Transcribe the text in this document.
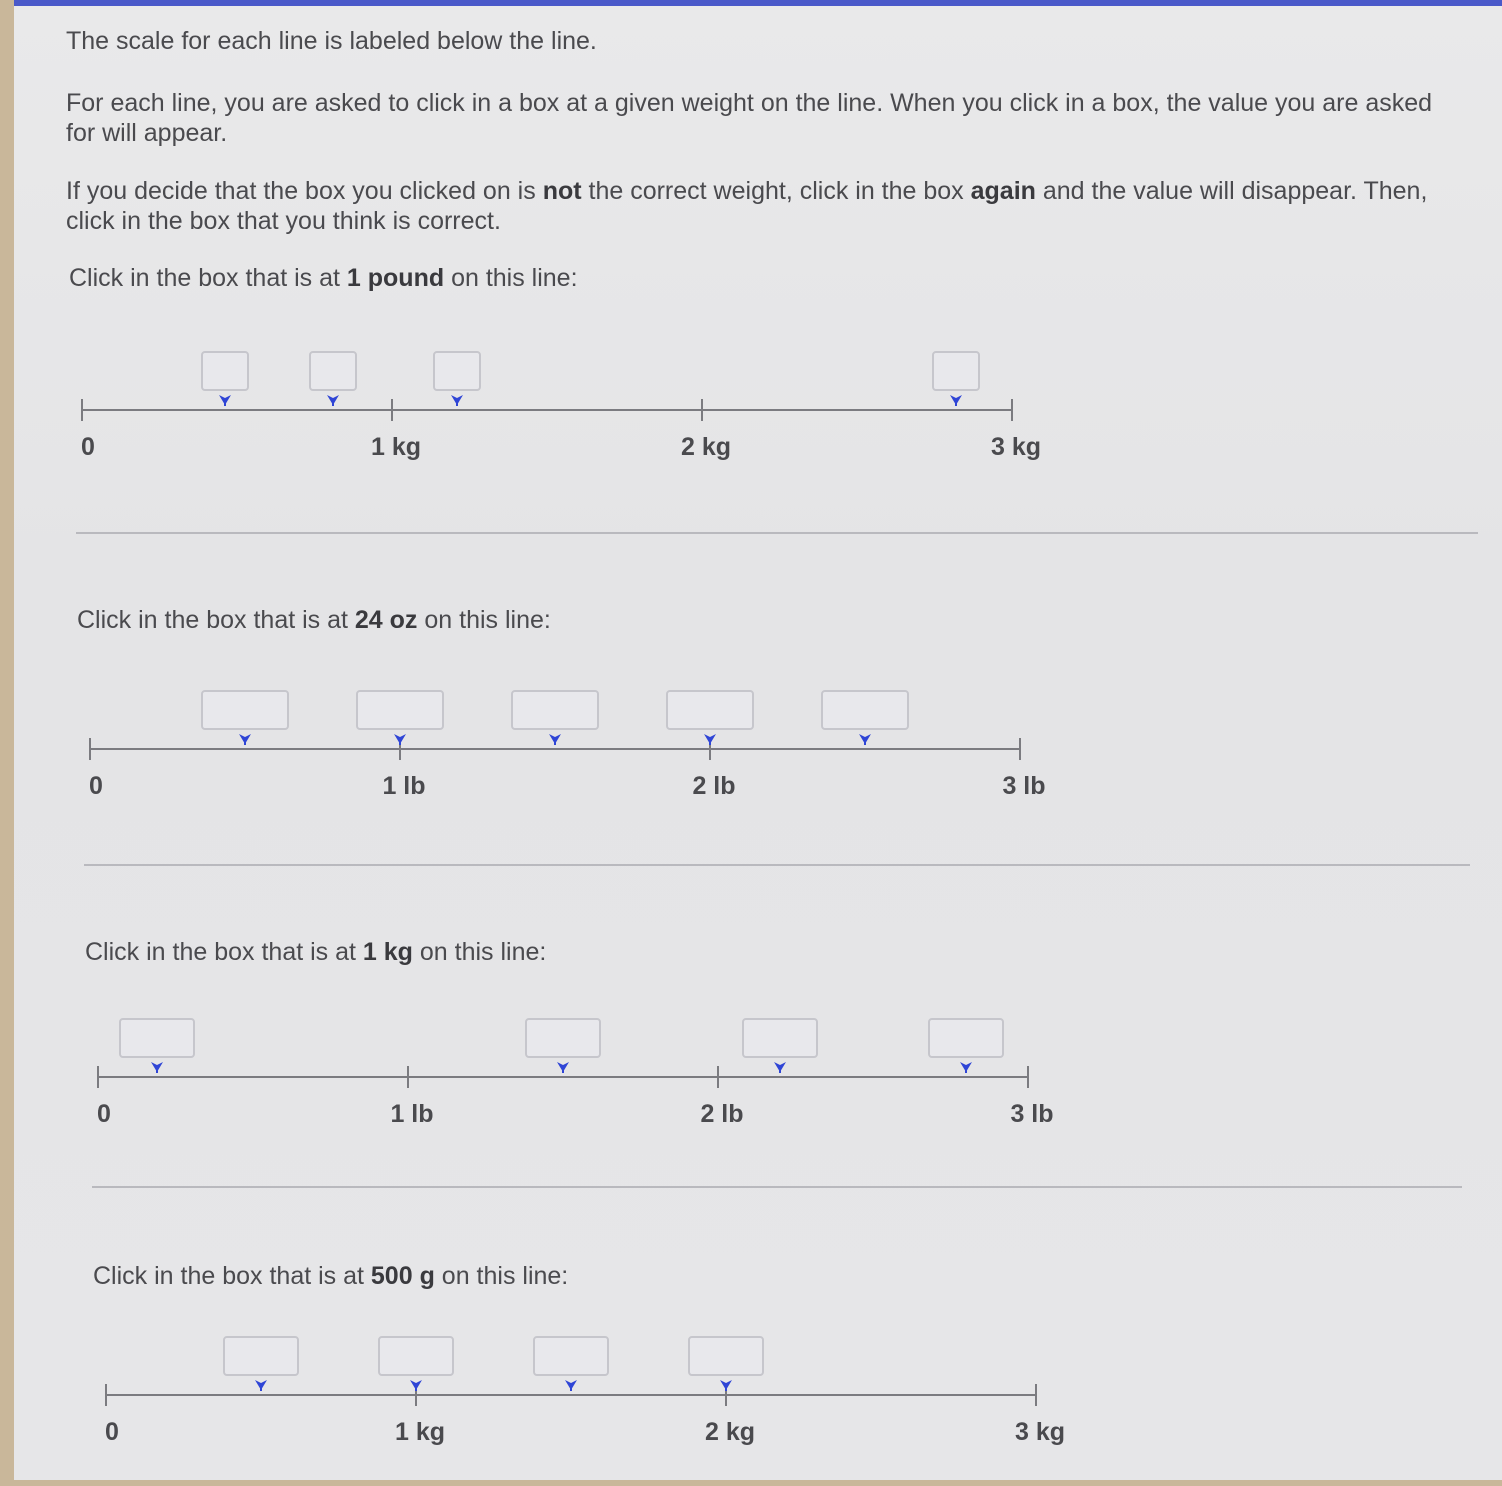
The scale for each line is labeled below the line.
For each line, you are asked to click in a box at a given weight on the line. When you click in a box, the value you are asked for will appear.
If you decide that the box you clicked on is not the correct weight, click in the box again and the value will disappear. Then, click in the box that you think is correct.
Click in the box that is at 1 pound on this line:
0	1 kg	2 kg	3 kg
Click in the box that is at 24 oz on this line:
0	1 lb	2 lb	3 lb
Click in the box that is at 1 kg on this line:
0	1 lb	2 lb	3 lb
Click in the box that is at 500 g on this line:
0	1 kg	2 kg	3 kg
